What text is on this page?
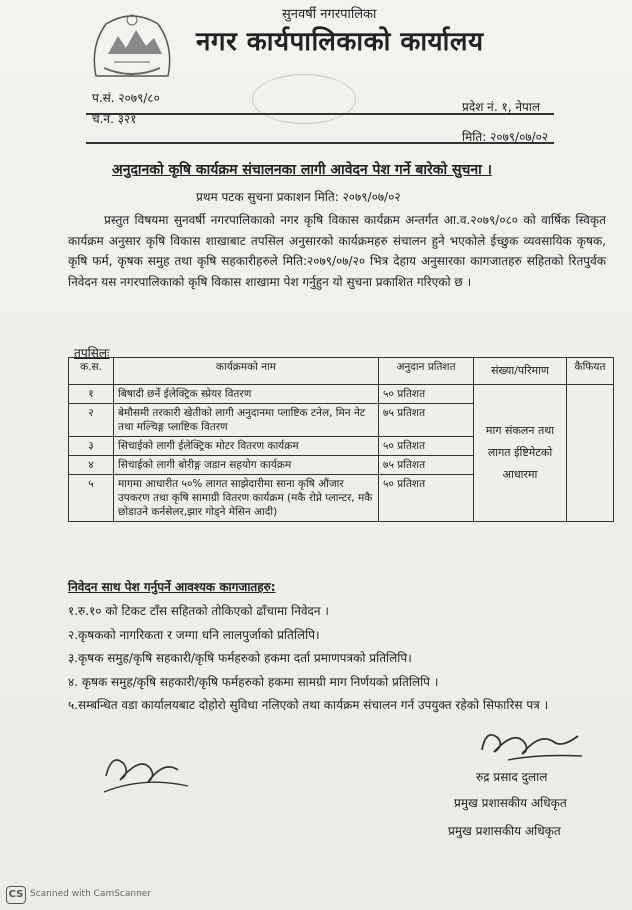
सुनवर्षी नगरपालिका
नगर कार्यपालिकाको कार्यालय

प.सं. २०७९/८०
च.नं. ३२१
प्रदेश नं. १, नेपाल
मिति: २०७९/०७/०२
अनुदानको कृषि कार्यक्रम संचालनका लागी आवेदन पेश गर्ने बारेको सुचना ।
प्रथम पटक सुचना प्रकाशन मिति: २०७९/०७/०२
प्रस्तुत विषयमा सुनवर्षी नगरपालिकाको नगर कृषि विकास कार्यक्रम अन्तर्गत आ.व.२०७९/०८० को वार्षिक स्विकृत कार्यक्रम अनुसार कृषि विकास शाखाबाट तपसिल अनुसारको कार्यक्रमहरु संचालन हुने भएकोले ईच्छुक व्यवसायिक कृषक, कृषि फर्म, कृषक समुह तथा कृषि सहकारीहरुले मिति:२०७९/०७/२० भित्र देहाय अनुसारका कागजातहरु सहितको रितपुर्वक निवेदन यस नगरपालिकाको कृषि विकास शाखामा पेश गर्नुहुन यो सुचना प्रकाशित गरिएको छ ।
तपसिलः
क.स.	कार्यक्रमको नाम	अनुदान प्रतिशत	संख्या/परिमाण	कैफियत
१	बिषादी छर्ने ईलेक्ट्रिक स्प्रेयर वितरण	५० प्रतिशत	माग संकलन तथा लागत ईष्टिमेटको आधारमा	
२	बेमौसमी तरकारी खेतीको लागी अनुदानमा प्लाष्टिक टनेल, मिन नेट तथा मल्चिङ्ग प्लाष्टिक वितरण	७५ प्रतिशत		
३	सिचाईको लागी ईलेक्ट्रिक मोटर वितरण कार्यक्रम	५० प्रतिशत		
४	सिचाईको लागी बोरीङ्ग जडान सहयोग कार्यक्रम	७५ प्रतिशत		
५	मागमा आधारीत ५०% लागत साझेदारीमा साना कृषि औंजार उपकरण तथा कृषि सामाग्री वितरण कार्यक्रम (मकै रोप्ने प्लान्टर, मकै छोडाउने कर्नसेलर,झार गोड्ने मेसिन आदी)	५० प्रतिशत		
निवेदन साथ पेश गर्नुपर्ने आवश्यक कागजातहरु:
१.रु.१० को टिकट टाँस सहितको तोकिएको ढाँचामा निवेदन ।
२.कृषकको नागरिकता र जग्गा धनि लालपुर्जाको प्रतिलिपि।
३.कृषक समुह/कृषि सहकारी/कृषि फर्महरुको हकमा दर्ता प्रमाणपत्रको प्रतिलिपि।
४. कृषक समुह/कृषि सहकारी/कृषि फर्महरुको हकमा सामग्री माग निर्णयको प्रतिलिपि ।
५.सम्बन्धित वडा कार्यालयबाट दोहोरो सुविधा नलिएको तथा कार्यक्रम संचालन गर्न उपयुक्त रहेको सिफारिस पत्र ।
रुद्र प्रसाद दुलाल
प्रमुख प्रशासकीय अधिकृत
प्रमुख प्रशासकीय अधिकृत
CS Scanned with CamScanner
